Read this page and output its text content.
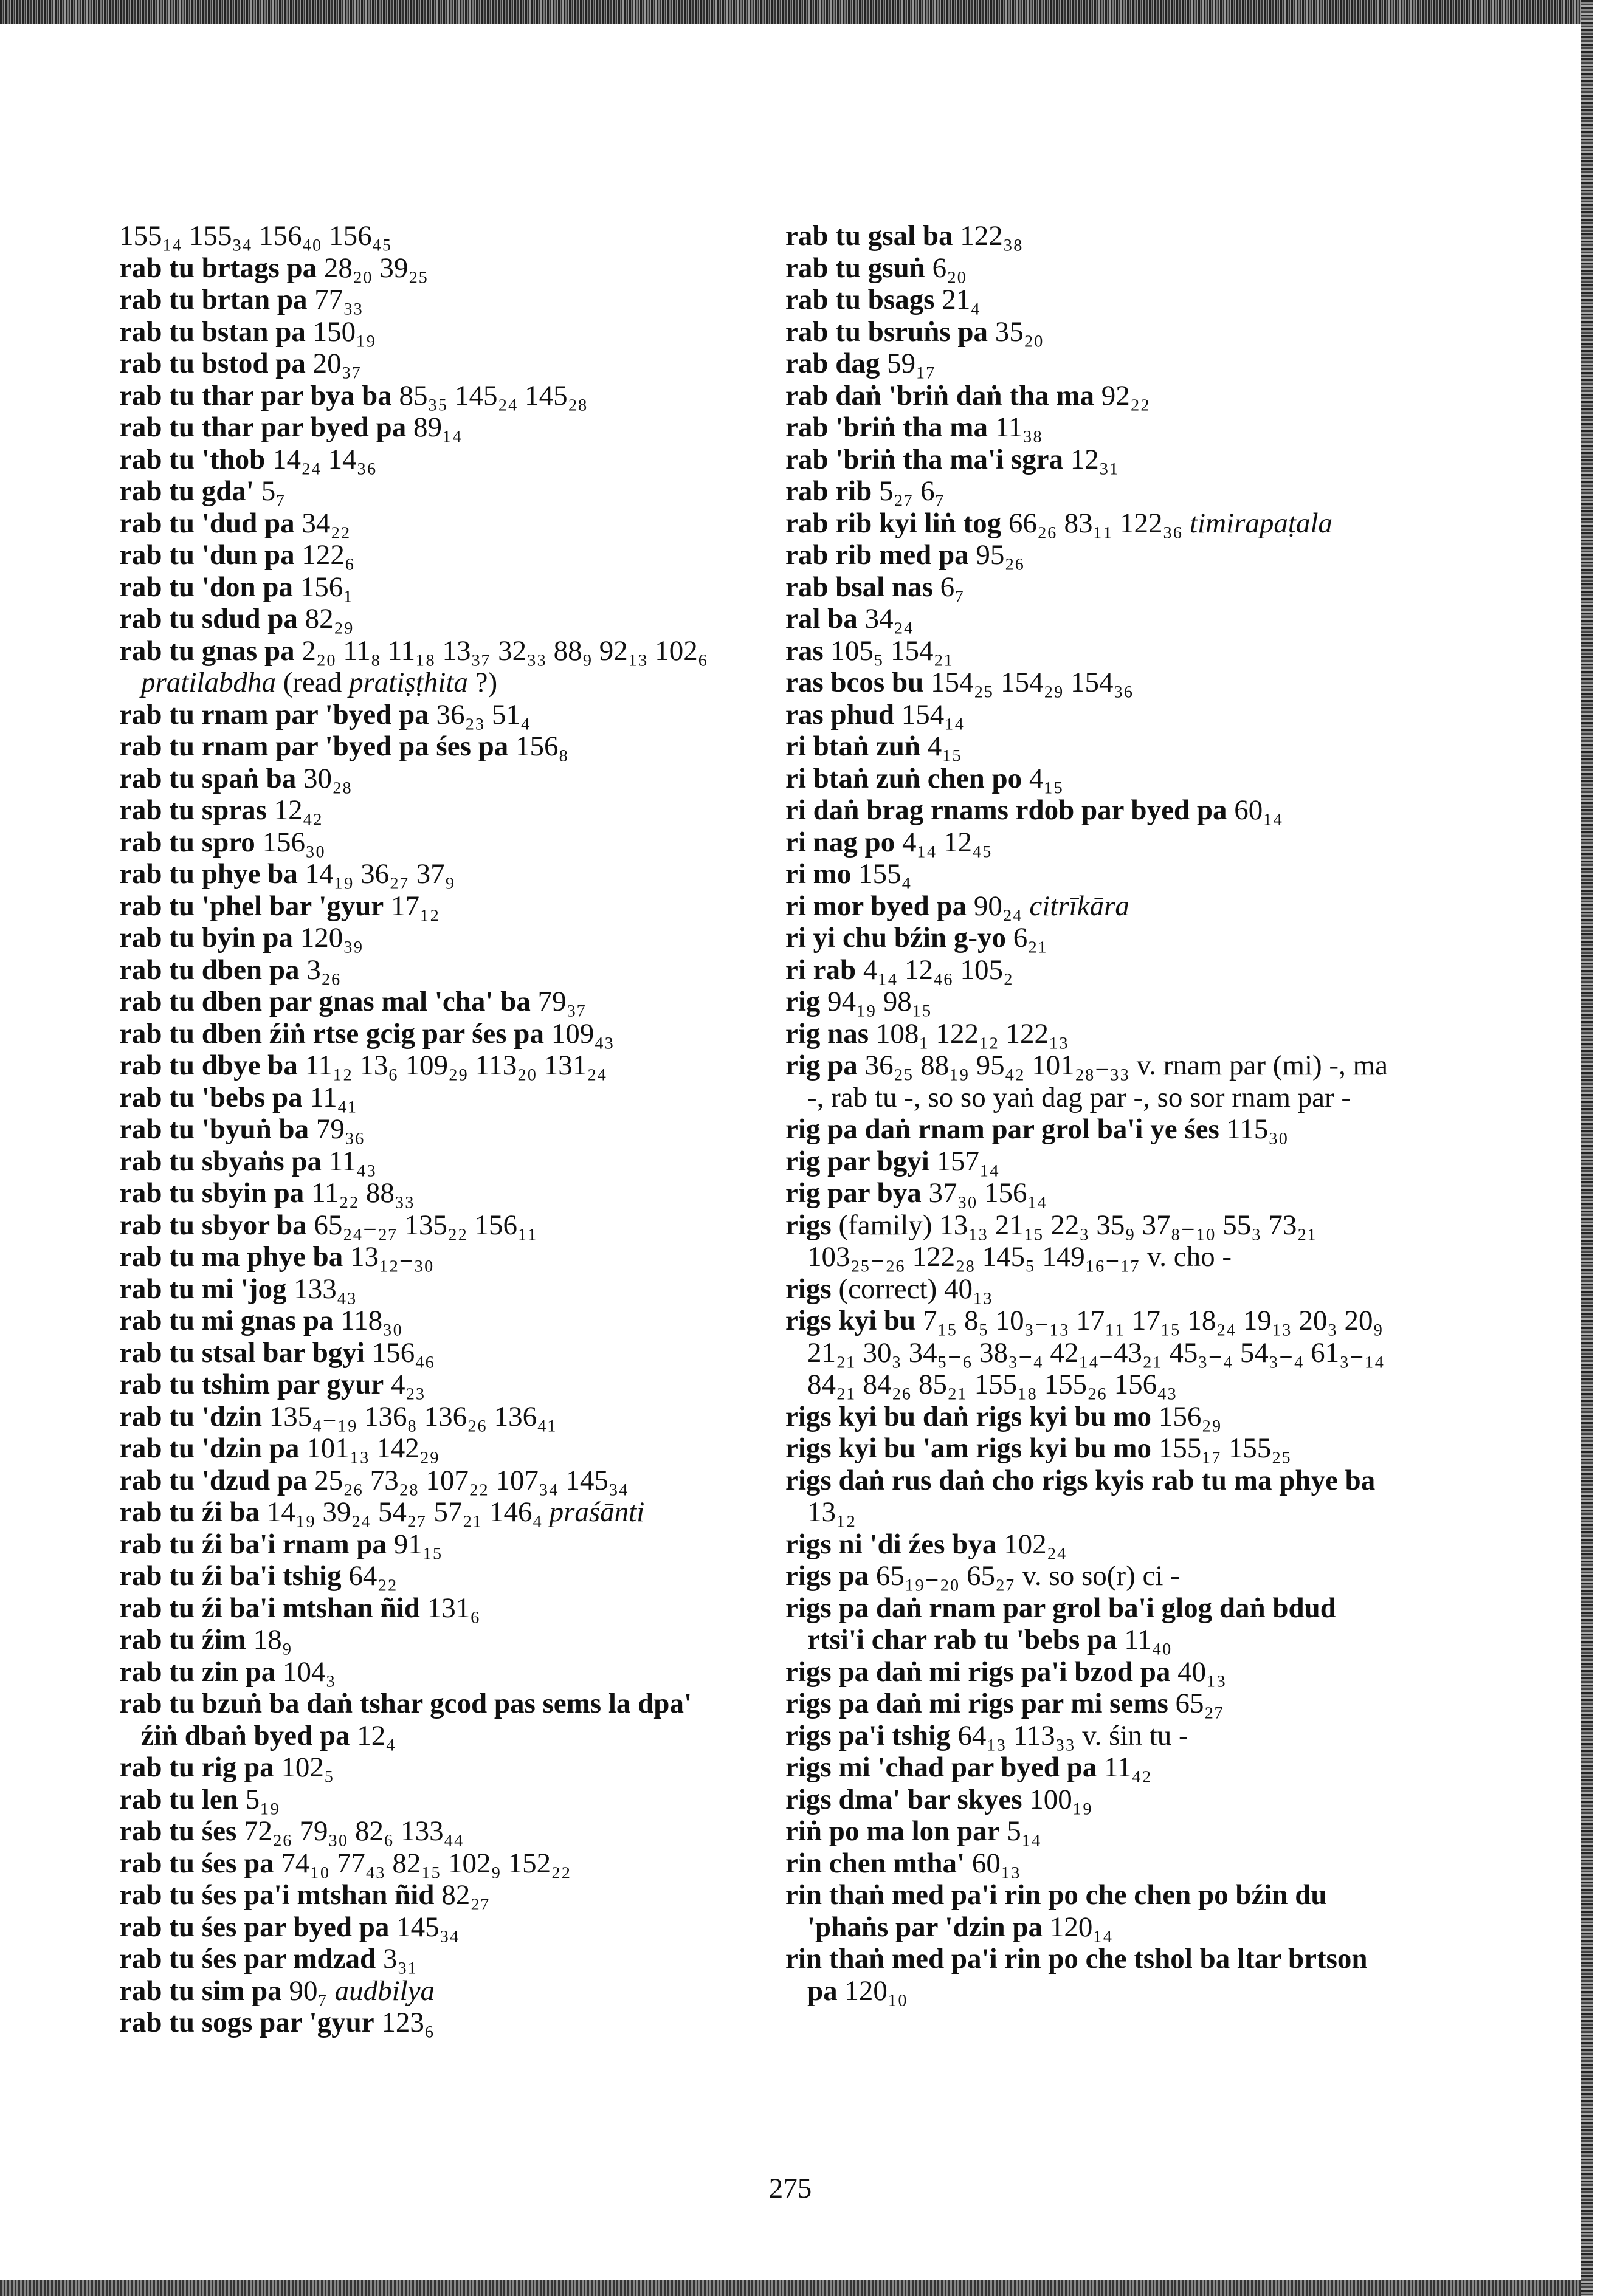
155₁₄ 155₃₄ 156₄₀ 156₄₅

rab tu brtags pa 28₂₀ 39₂₅

rab tu brtan pa 77₃₃

rab tu bstan pa 150₁₉

rab tu bstod pa 20₃₇

rab tu thar par bya ba 85₃₅ 145₂₄ 145₂₈

rab tu thar par byed pa 89₁₄

rab tu 'thob 14₂₄ 14₃₆

rab tu gda' 5₇

rab tu 'dud pa 34₂₂

rab tu 'dun pa 122₆

rab tu 'don pa 156₁

rab tu sdud pa 82₂₉

rab tu gnas pa 2₂₀ 11₈ 11₁₈ 13₃₇ 32₃₃ 88₉ 92₁₃ 102₆ pratilabdha (read pratiṣṭhita ?)

rab tu rnam par 'byed pa 36₂₃ 51₄

rab tu rnam par 'byed pa śes pa 156₈

rab tu spaṅ ba 30₂₈

rab tu spras 12₄₂

rab tu spro 156₃₀

rab tu phye ba 14₁₉ 36₂₇ 37₉

rab tu 'phel bar 'gyur 17₁₂

rab tu byin pa 120₃₉

rab tu dben pa 3₂₆

rab tu dben par gnas mal 'cha' ba 79₃₇

rab tu dben źiṅ rtse gcig par śes pa 109₄₃

rab tu dbye ba 11₁₂ 13₆ 109₂₉ 113₂₀ 131₂₄

rab tu 'bebs pa 11₄₁

rab tu 'byuṅ ba 79₃₆

rab tu sbyaṅs pa 11₄₃

rab tu sbyin pa 11₂₂ 88₃₃

rab tu sbyor ba 65₂₄₋₂₇ 135₂₂ 156₁₁

rab tu ma phye ba 13₁₂₋₃₀

rab tu mi 'jog 133₄₃

rab tu mi gnas pa 118₃₀

rab tu stsal bar bgyi 156₄₆

rab tu tshim par gyur 4₂₃

rab tu 'dzin 135₄₋₁₉ 136₈ 136₂₆ 136₄₁

rab tu 'dzin pa 101₁₃ 142₂₉

rab tu 'dzud pa 25₂₆ 73₂₈ 107₂₂ 107₃₄ 145₃₄

rab tu źi ba 14₁₉ 39₂₄ 54₂₇ 57₂₁ 146₄ praśānti

rab tu źi ba'i rnam pa 91₁₅

rab tu źi ba'i tshig 64₂₂

rab tu źi ba'i mtshan ñid 131₆

rab tu źim 18₉

rab tu zin pa 104₃

rab tu bzuṅ ba daṅ tshar gcod pas sems la dpa' źiṅ dbaṅ byed pa 12₄

rab tu rig pa 102₅

rab tu len 5₁₉

rab tu śes 72₂₆ 79₃₀ 82₆ 133₄₄

rab tu śes pa 74₁₀ 77₄₃ 82₁₅ 102₉ 152₂₂

rab tu śes pa'i mtshan ñid 82₂₇

rab tu śes par byed pa 145₃₄

rab tu śes par mdzad 3₃₁

rab tu sim pa 90₇ audbilya

rab tu sogs par 'gyur 123₆

rab tu gsal ba 122₃₈

rab tu gsuṅ 6₂₀

rab tu bsags 21₄

rab tu bsruṅs pa 35₂₀

rab dag 59₁₇

rab daṅ 'briṅ daṅ tha ma 92₂₂

rab 'briṅ tha ma 11₃₈

rab 'briṅ tha ma'i sgra 12₃₁

rab rib 5₂₇ 6₇

rab rib kyi liṅ tog 66₂₆ 83₁₁ 122₃₆ timirapaṭala

rab rib med pa 95₂₆

rab bsal nas 6₇

ral ba 34₂₄

ras 105₅ 154₂₁

ras bcos bu 154₂₅ 154₂₉ 154₃₆

ras phud 154₁₄

ri btaṅ zuṅ 4₁₅

ri btaṅ zuṅ chen po 4₁₅

ri daṅ brag rnams rdob par byed pa 60₁₄

ri nag po 4₁₄ 12₄₅

ri mo 155₄

ri mor byed pa 90₂₄ citrīkāra

ri yi chu bźin g-yo 6₂₁

ri rab 4₁₄ 12₄₆ 105₂

rig 94₁₉ 98₁₅

rig nas 108₁ 122₁₂ 122₁₃

rig pa 36₂₅ 88₁₉ 95₄₂ 101₂₈₋₃₃ v. rnam par (mi) -, ma -, rab tu -, so so yaṅ dag par -, so sor rnam par -

rig pa daṅ rnam par grol ba'i ye śes 115₃₀

rig par bgyi 157₁₄

rig par bya 37₃₀ 156₁₄

rigs (family) 13₁₃ 21₁₅ 22₃ 35₉ 37₈₋₁₀ 55₃ 73₂₁ 103₂₅₋₂₆ 122₂₈ 145₅ 149₁₆₋₁₇ v. cho -

rigs (correct) 40₁₃

rigs kyi bu 7₁₅ 8₅ 10₃₋₁₃ 17₁₁ 17₁₅ 18₂₄ 19₁₃ 20₃ 20₉ 21₂₁ 30₃ 34₅₋₆ 38₃₋₄ 42₁₄₋43₂₁ 45₃₋₄ 54₃₋₄ 61₃₋₁₄ 84₂₁ 84₂₆ 85₂₁ 155₁₈ 155₂₆ 156₄₃

rigs kyi bu daṅ rigs kyi bu mo 156₂₉

rigs kyi bu 'am rigs kyi bu mo 155₁₇ 155₂₅

rigs daṅ rus daṅ cho rigs kyis rab tu ma phye ba 13₁₂

rigs ni 'di źes bya 102₂₄

rigs pa 65₁₉₋₂₀ 65₂₇ v. so so(r) ci -

rigs pa daṅ rnam par grol ba'i glog daṅ bdud rtsi'i char rab tu 'bebs pa 11₄₀

rigs pa daṅ mi rigs pa'i bzod pa 40₁₃

rigs pa daṅ mi rigs par mi sems 65₂₇

rigs pa'i tshig 64₁₃ 113₃₃ v. śin tu -

rigs mi 'chad par byed pa 11₄₂

rigs dma' bar skyes 100₁₉

riṅ po ma lon par 5₁₄

rin chen mtha' 60₁₃

rin thaṅ med pa'i rin po che chen po bźin du 'phaṅs par 'dzin pa 120₁₄

rin thaṅ med pa'i rin po che tshol ba ltar brtson pa 120₁₀

275
